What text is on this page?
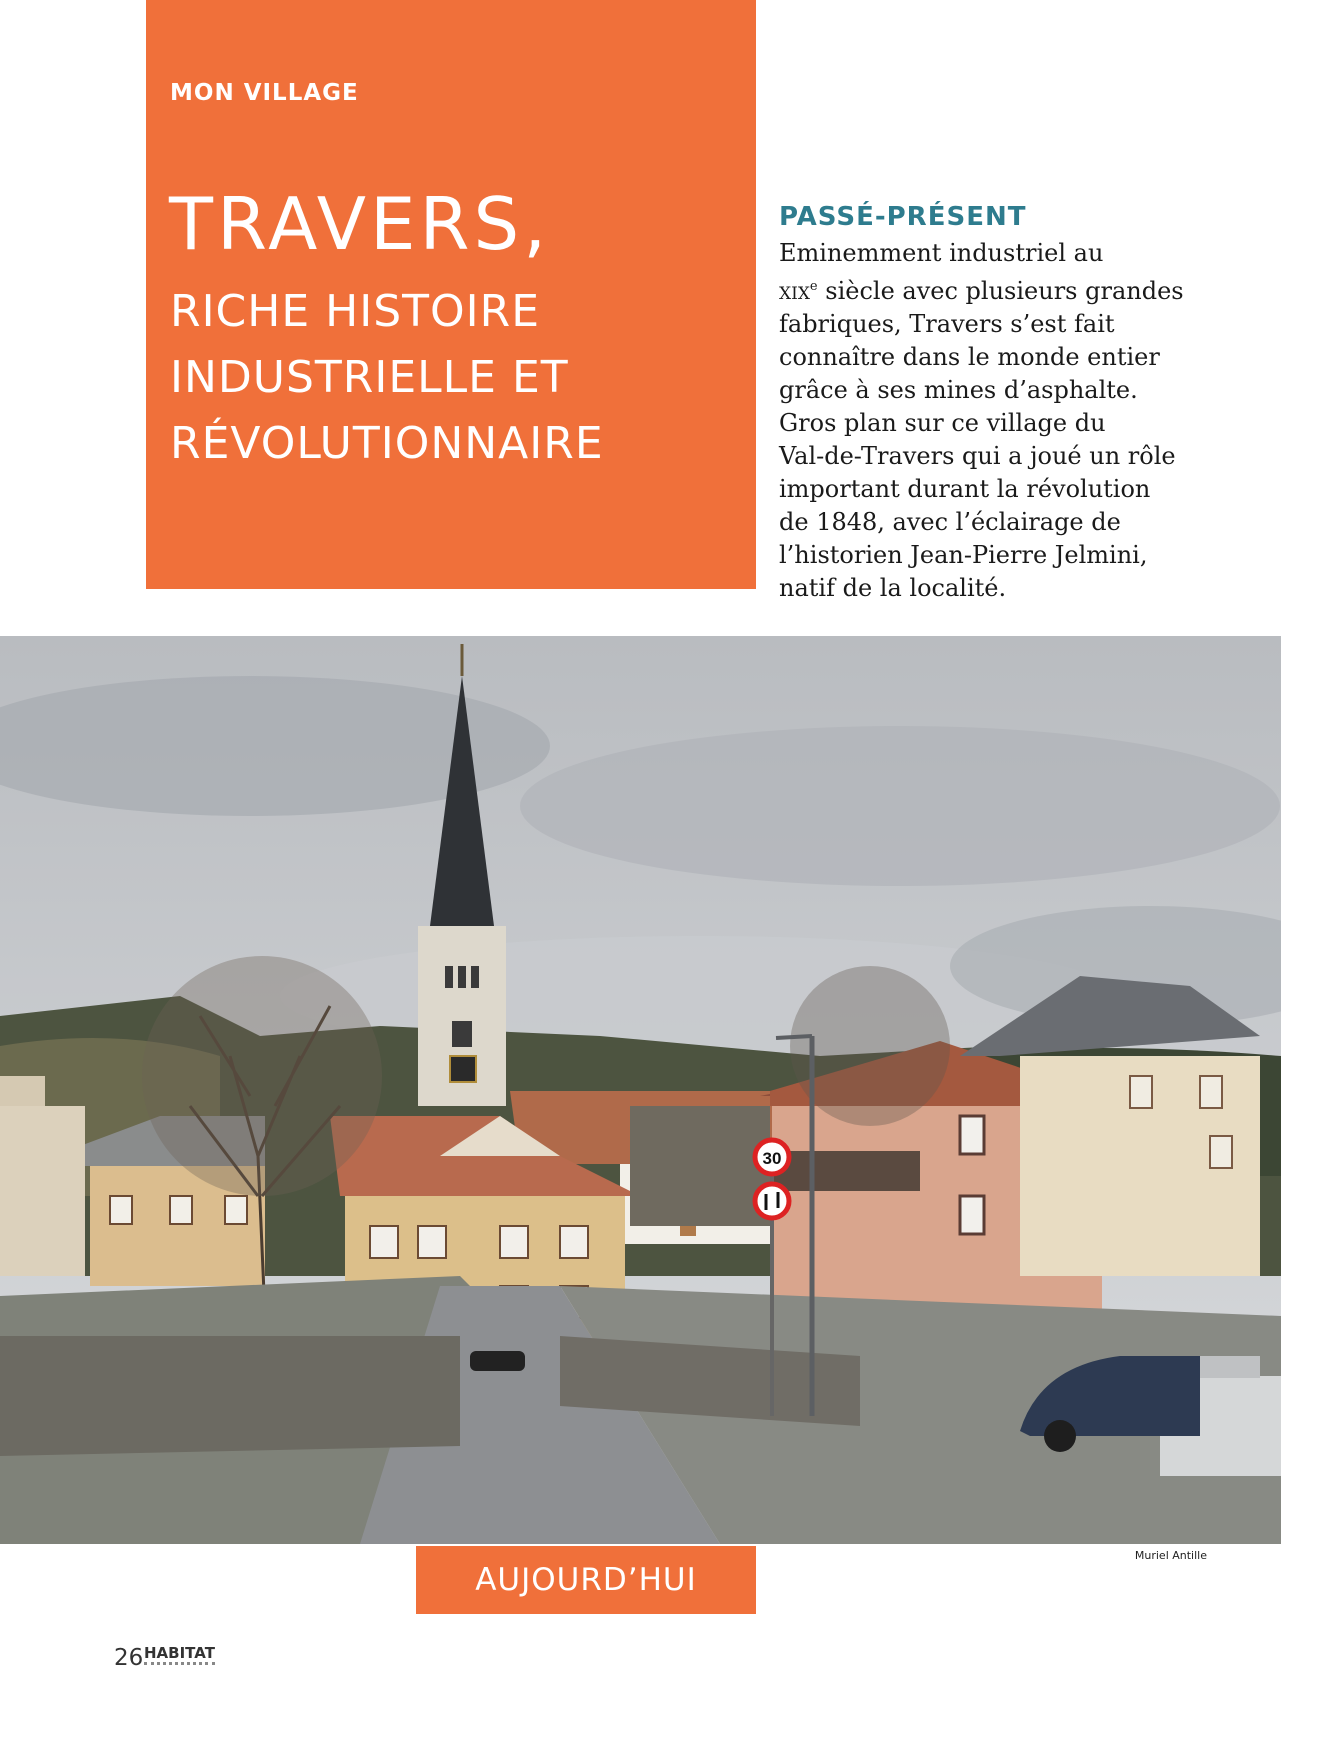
MON VILLAGE
TRAVERS,
RICHE HISTOIRE
INDUSTRIELLE ET
RÉVOLUTIONNAIRE
PASSÉ-PRÉSENT
Eminemment industriel au
xix$^e$ siècle avec plusieurs grandes
fabriques, Travers s’est fait
connaître dans le monde entier
grâce à ses mines d’asphalte.
Gros plan sur ce village du
Val-de-Travers qui a joué un rôle
important durant la révolution
de 1848, avec l’éclairage de
l’historien Jean-Pierre Jelmini,
natif de la localité.
30
Muriel Antille
AUJOURD’HUI
26 HABITAT
